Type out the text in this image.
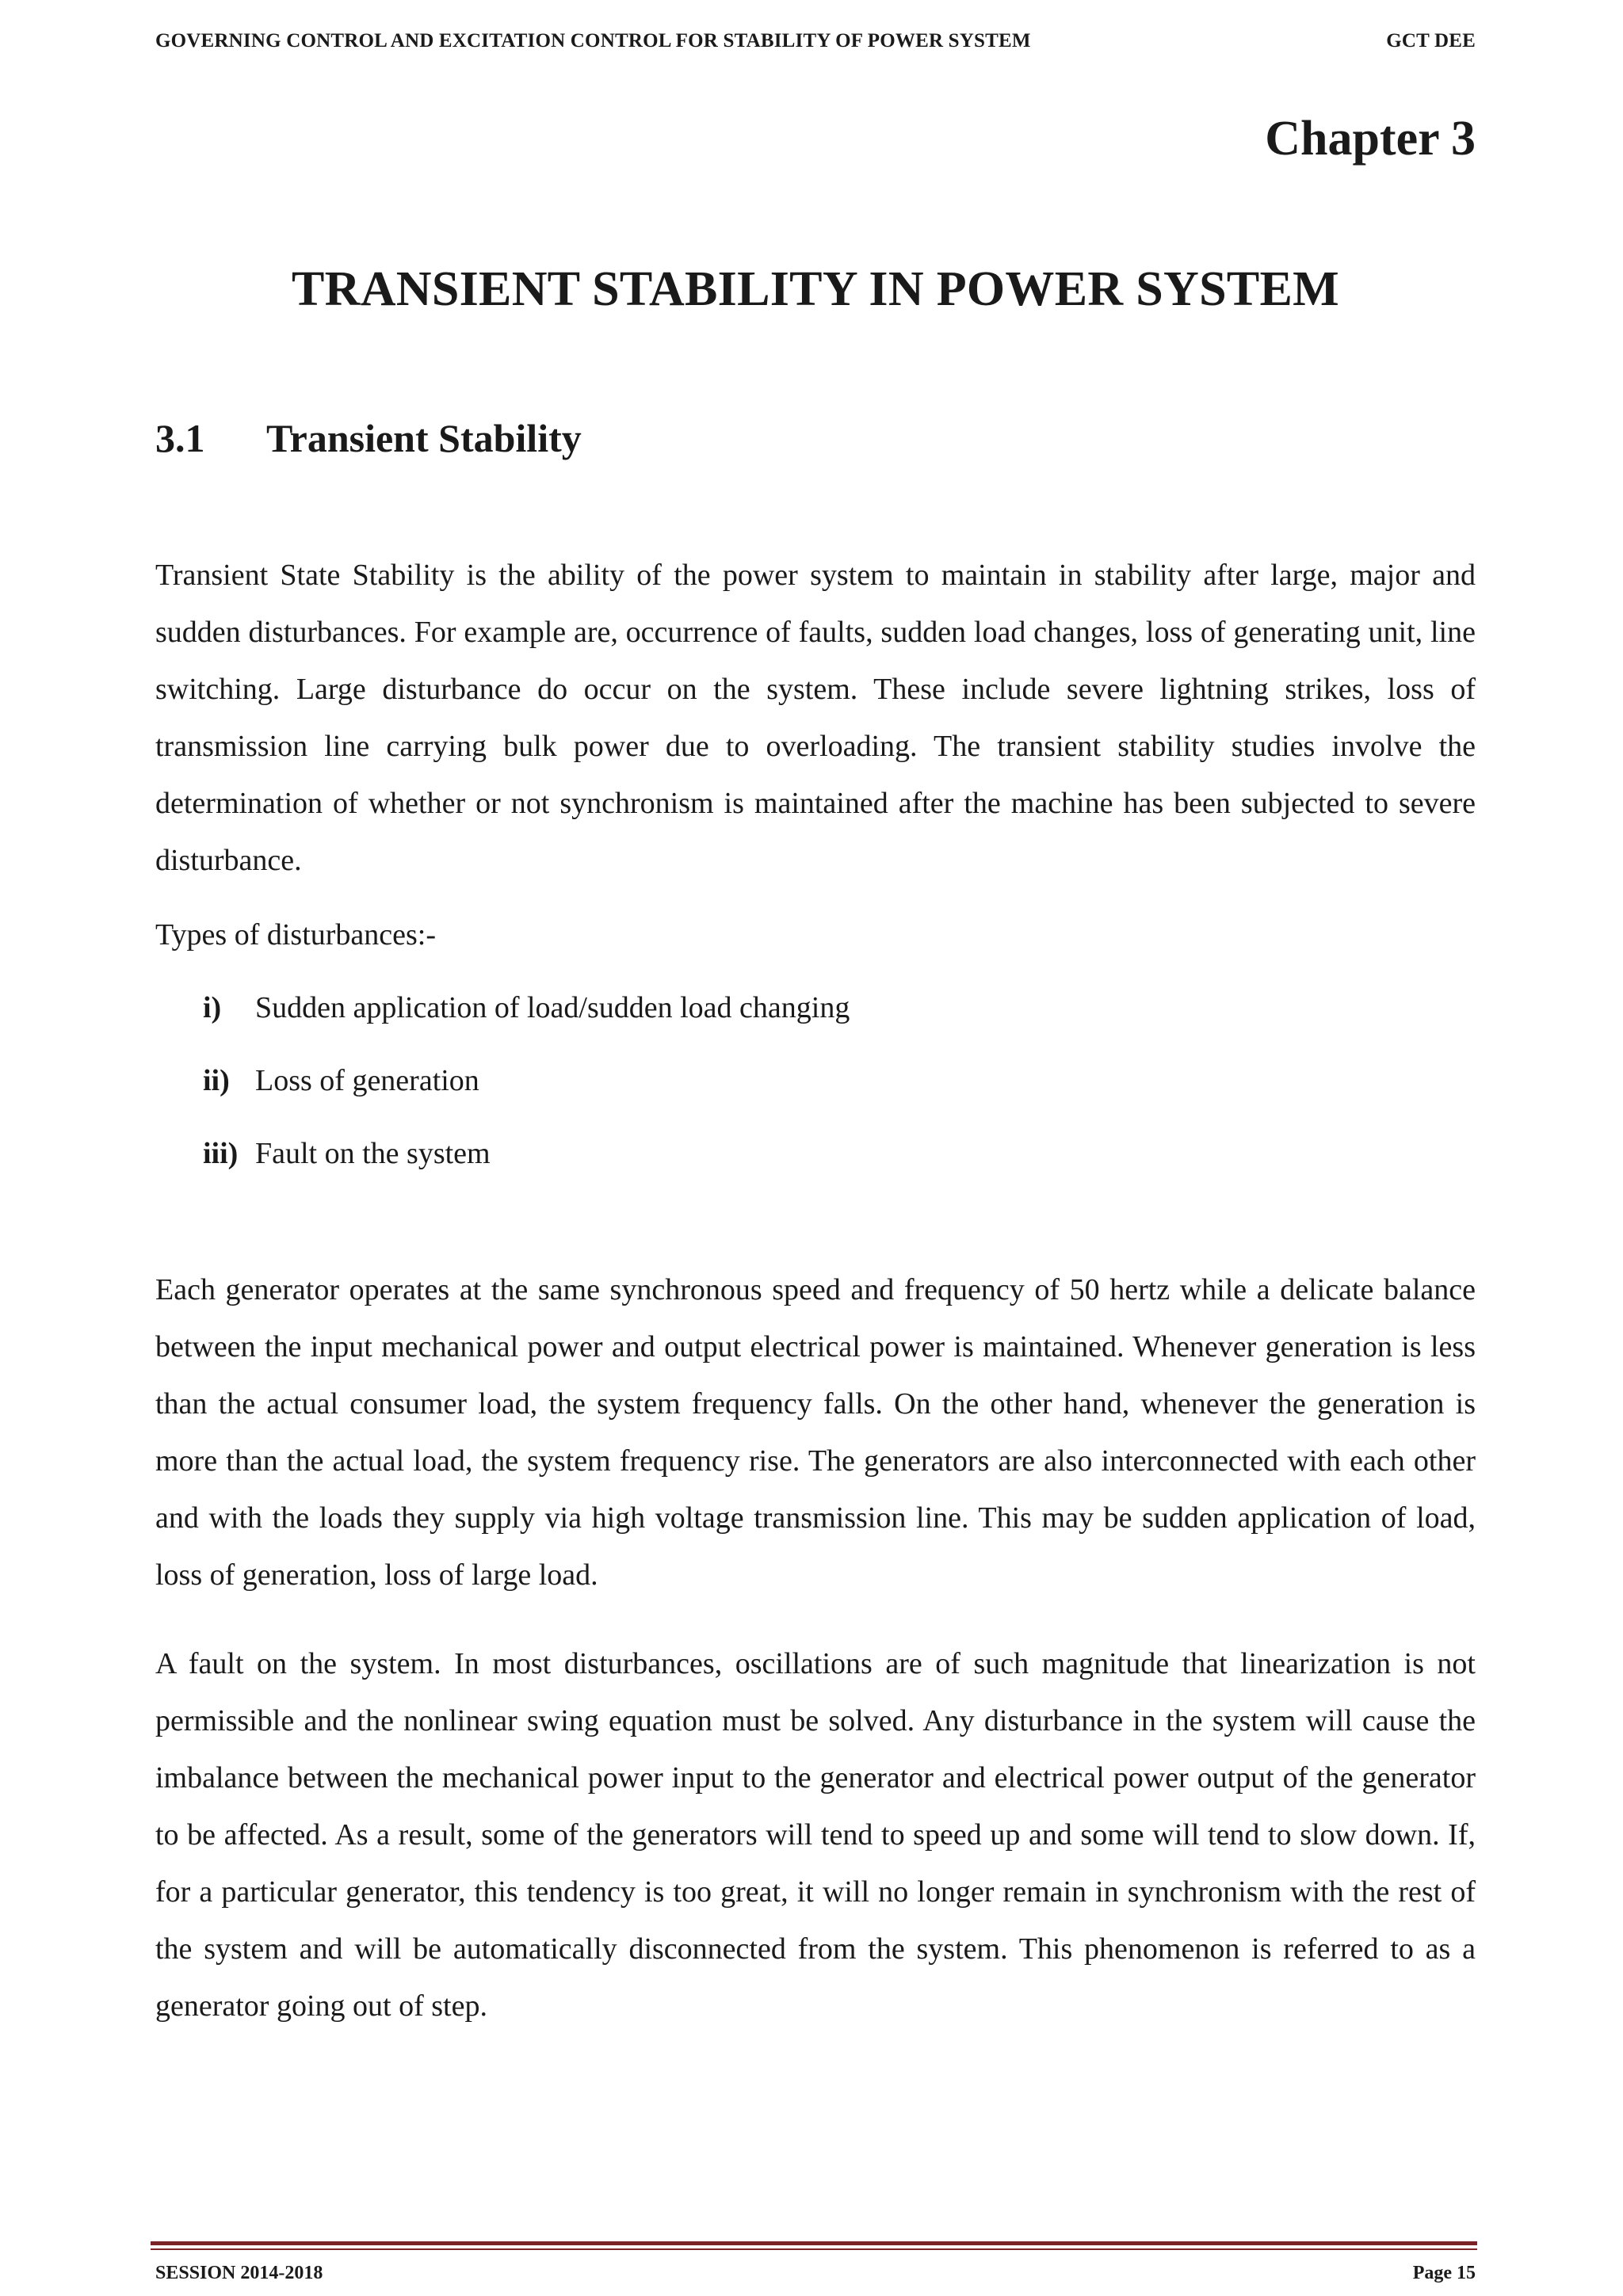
GOVERNING CONTROL AND EXCITATION CONTROL FOR STABILITY OF POWER SYSTEM	GCT DEE
Chapter 3
TRANSIENT STABILITY IN POWER SYSTEM
3.1 Transient Stability

Transient State Stability is the ability of the power system to maintain in stability after large, major and sudden disturbances. For example are, occurrence of faults, sudden load changes, loss of generating unit, line switching. Large disturbance do occur on the system. These include severe lightning strikes, loss of transmission line carrying bulk power due to overloading. The transient stability studies involve the determination of whether or not synchronism is maintained after the machine has been subjected to severe disturbance.

Types of disturbances:-

i) Sudden application of load/sudden load changing
ii) Loss of generation
iii) Fault on the system

Each generator operates at the same synchronous speed and frequency of 50 hertz while a delicate balance between the input mechanical power and output electrical power is maintained. Whenever generation is less than the actual consumer load, the system frequency falls. On the other hand, whenever the generation is more than the actual load, the system frequency rise. The generators are also interconnected with each other and with the loads they supply via high voltage transmission line. This may be sudden application of load, loss of generation, loss of large load.

A fault on the system. In most disturbances, oscillations are of such magnitude that linearization is not permissible and the nonlinear swing equation must be solved. Any disturbance in the system will cause the imbalance between the mechanical power input to the generator and electrical power output of the generator to be affected. As a result, some of the generators will tend to speed up and some will tend to slow down. If, for a particular generator, this tendency is too great, it will no longer remain in synchronism with the rest of the system and will be automatically disconnected from the system. This phenomenon is referred to as a generator going out of step.

SESSION 2014-2018	Page 15
